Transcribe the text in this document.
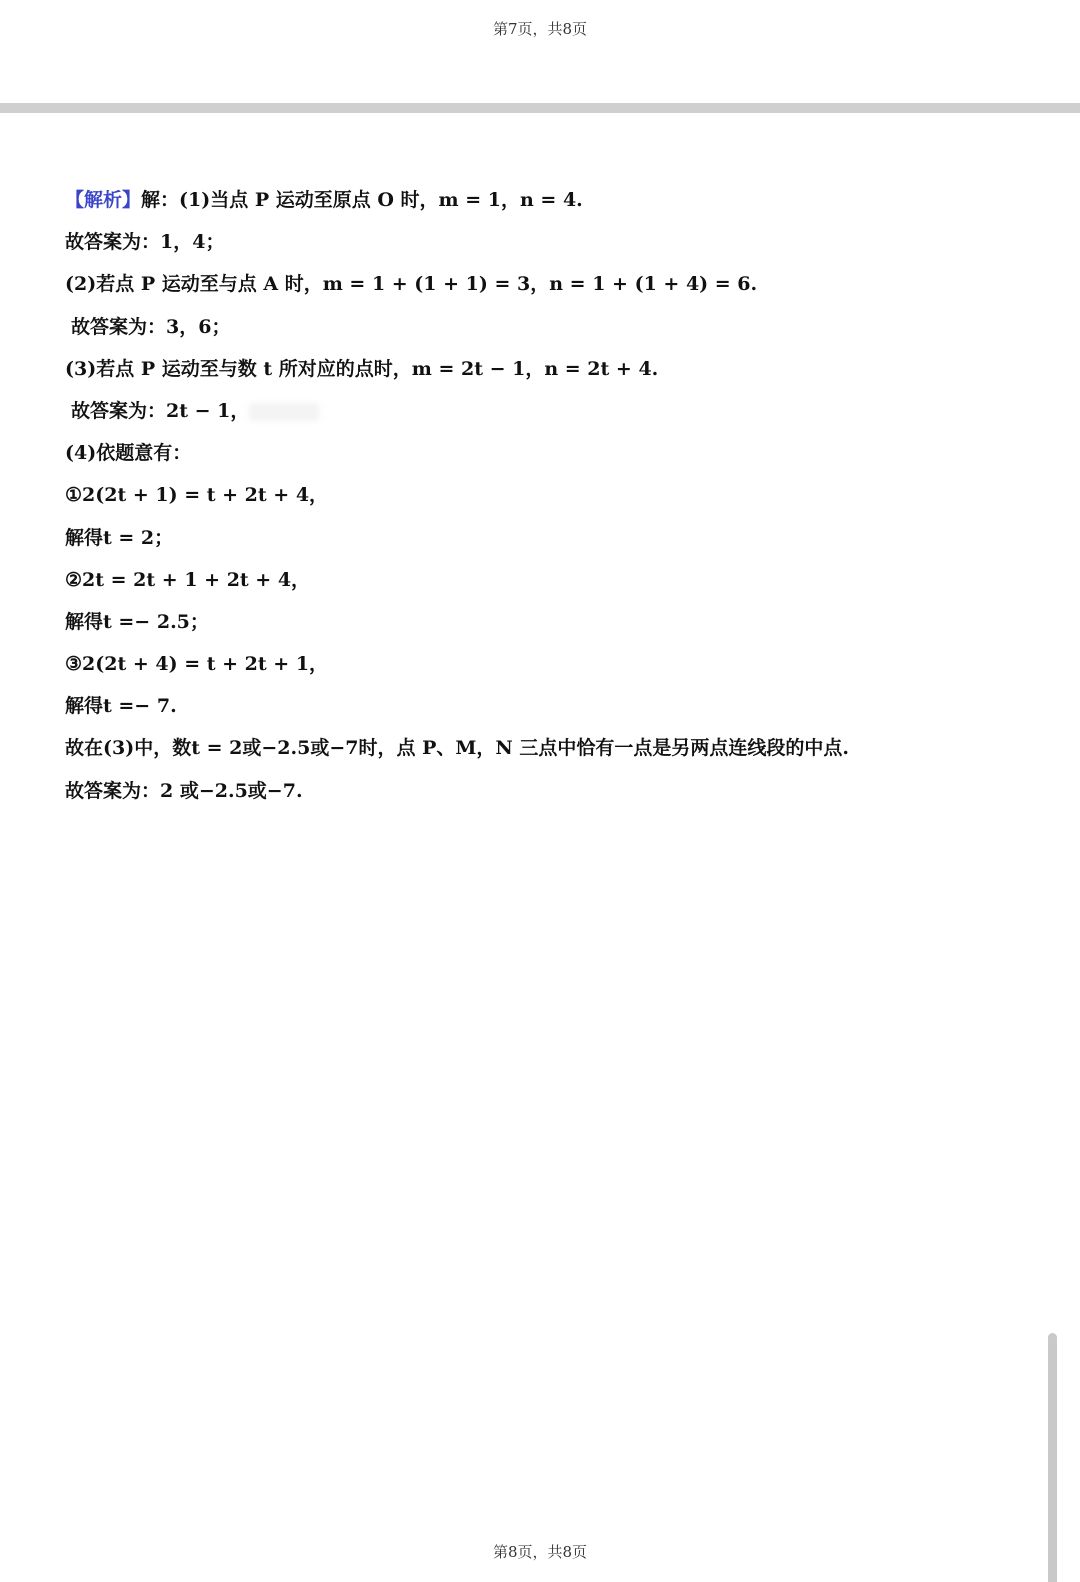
第7页，共8页
【解析】解：(1)当点 P 运动至原点 O 时，m = 1，n = 4.
故答案为：1，4；
(2)若点 P 运动至与点 A 时，m = 1 + (1 + 1) = 3，n = 1 + (1 + 4) = 6.
故答案为：3，6；
(3)若点 P 运动至与数 t 所对应的点时，m = 2t − 1，n = 2t + 4.
故答案为：2t − 1，
(4)依题意有：
①2(2t + 1) = t + 2t + 4，
解得t = 2；
②2t = 2t + 1 + 2t + 4，
解得t =− 2.5；
③2(2t + 4) = t + 2t + 1，
解得t =− 7.
故在(3)中，数t = 2或−2.5或−7时，点 P、M，N 三点中恰有一点是另两点连线段的中点.
故答案为：2 或−2.5或−7.
第8页，共8页
